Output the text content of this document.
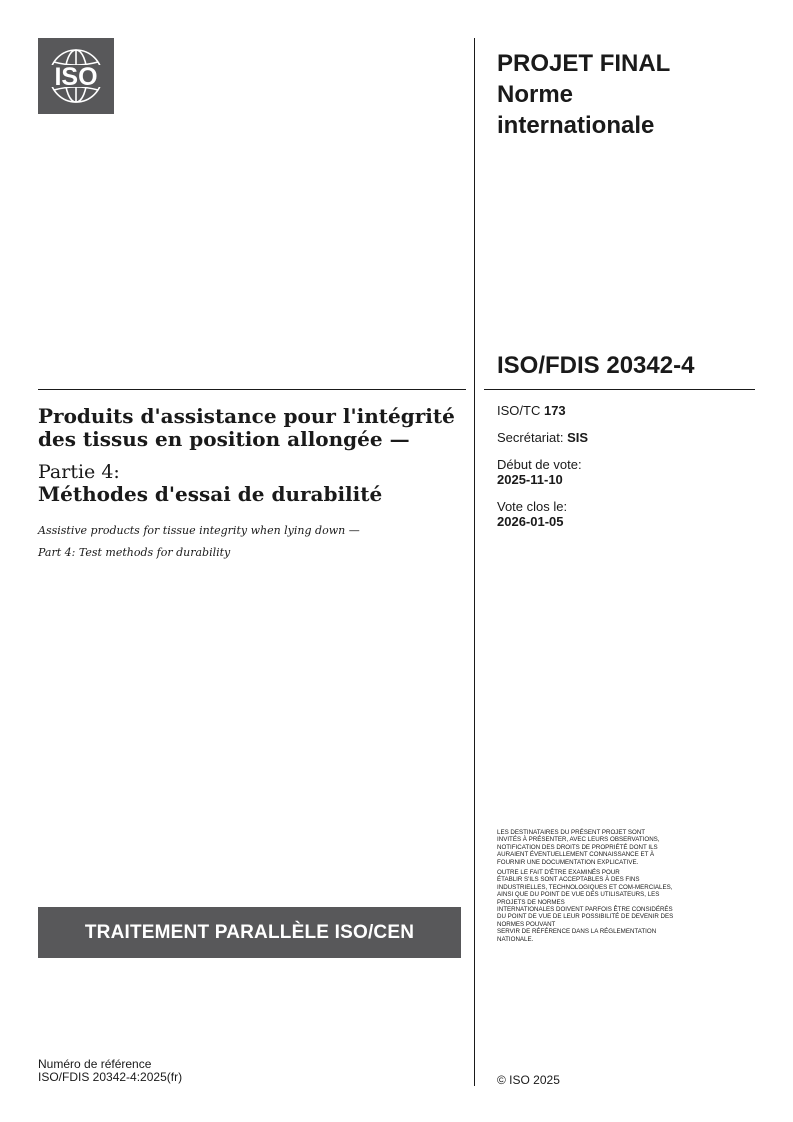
ISO	PROJET FINAL
Norme
internationale
ISO/FDIS 20342-4
ISO/TC 173
Secrétariat: SIS
Début de vote:
2025-11-10
Vote clos le:
2026-01-05
Produits d'assistance pour l'intégrité des tissus en position allongée —
Partie 4:
Méthodes d'essai de durabilité
Assistive products for tissue integrity when lying down —
Part 4: Test methods for durability
TRAITEMENT PARALLÈLE ISO/CEN

LES DESTINATAIRES DU PRÉSENT PROJET SONT
INVITÉS À PRÉSENTER, AVEC LEURS OBSERVATIONS,
NOTIFICATION DES DROITS DE PROPRIÉTÉ DONT ILS
AURAIENT ÉVENTUELLEMENT CONNAISSANCE ET À
FOURNIR UNE DOCUMENTATION EXPLICATIVE.

OUTRE LE FAIT D'ÊTRE EXAMINÉS POUR
ÉTABLIR S'ILS SONT ACCEPTABLES À DES FINS
INDUSTRIELLES, TECHNOLOGIQUES ET COM-MERCIALES,
AINSI QUE DU POINT DE VUE DES UTILISATEURS, LES
PROJETS DE NORMES
INTERNATIONALES DOIVENT PARFOIS ÊTRE CONSIDÉRÉS
DU POINT DE VUE DE LEUR POSSIBILITÉ DE DEVENIR DES
NORMES POUVANT
SERVIR DE RÉFÉRENCE DANS LA RÉGLEMENTATION
NATIONALE.

Numéro de référence
ISO/FDIS 20342-4:2025(fr)	© ISO 2025
